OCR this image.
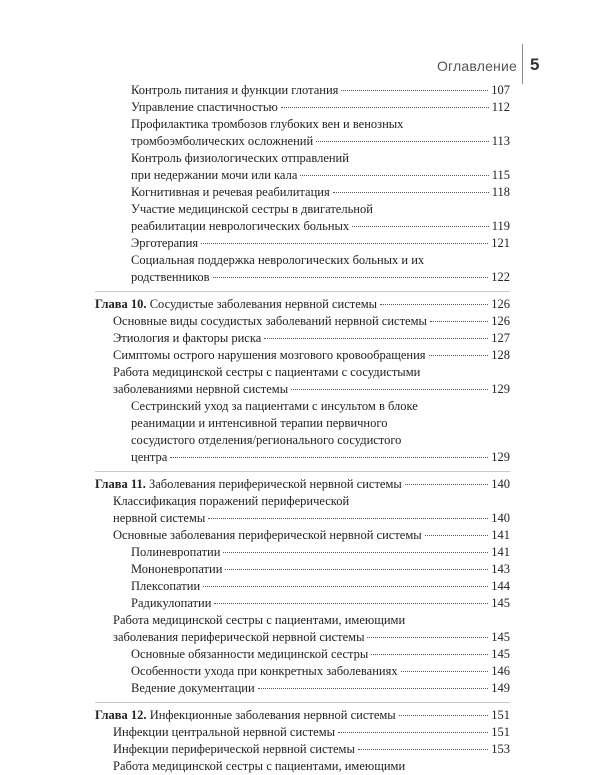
Оглавление 5
Контроль питания и функции глотания	107
Управление спастичностью	112
Профилактика тромбозов глубоких вен и венозных
тромбоэмболических осложнений	113
Контроль физиологических отправлений
при недержании мочи или кала	115
Когнитивная и речевая реабилитация	118
Участие медицинской сестры в двигательной
реабилитации неврологических больных	119
Эрготерапия	121
Социальная поддержка неврологических больных и их
родственников	122
Глава 10. Сосудистые заболевания нервной системы	126
Основные виды сосудистых заболеваний нервной системы	126
Этиология и факторы риска	127
Симптомы острого нарушения мозгового кровообращения	128
Работа медицинской сестры с пациентами с сосудистыми
заболеваниями нервной системы	129
Сестринский уход за пациентами с инсультом в блоке
реанимации и интенсивной терапии первичного
сосудистого отделения/регионального сосудистого
центра	129
Глава 11. Заболевания периферической нервной системы	140
Классификация поражений периферической
нервной системы	140
Основные заболевания периферической нервной системы	141
Полиневропатии	141
Мононевропатии	143
Плексопатии	144
Радикулопатии	145
Работа медицинской сестры с пациентами, имеющими
заболевания периферической нервной системы	145
Основные обязанности медицинской сестры	145
Особенности ухода при конкретных заболеваниях	146
Ведение документации	149
Глава 12. Инфекционные заболевания нервной системы	151
Инфекции центральной нервной системы	151
Инфекции периферической нервной системы	153
Работа медицинской сестры с пациентами, имеющими
